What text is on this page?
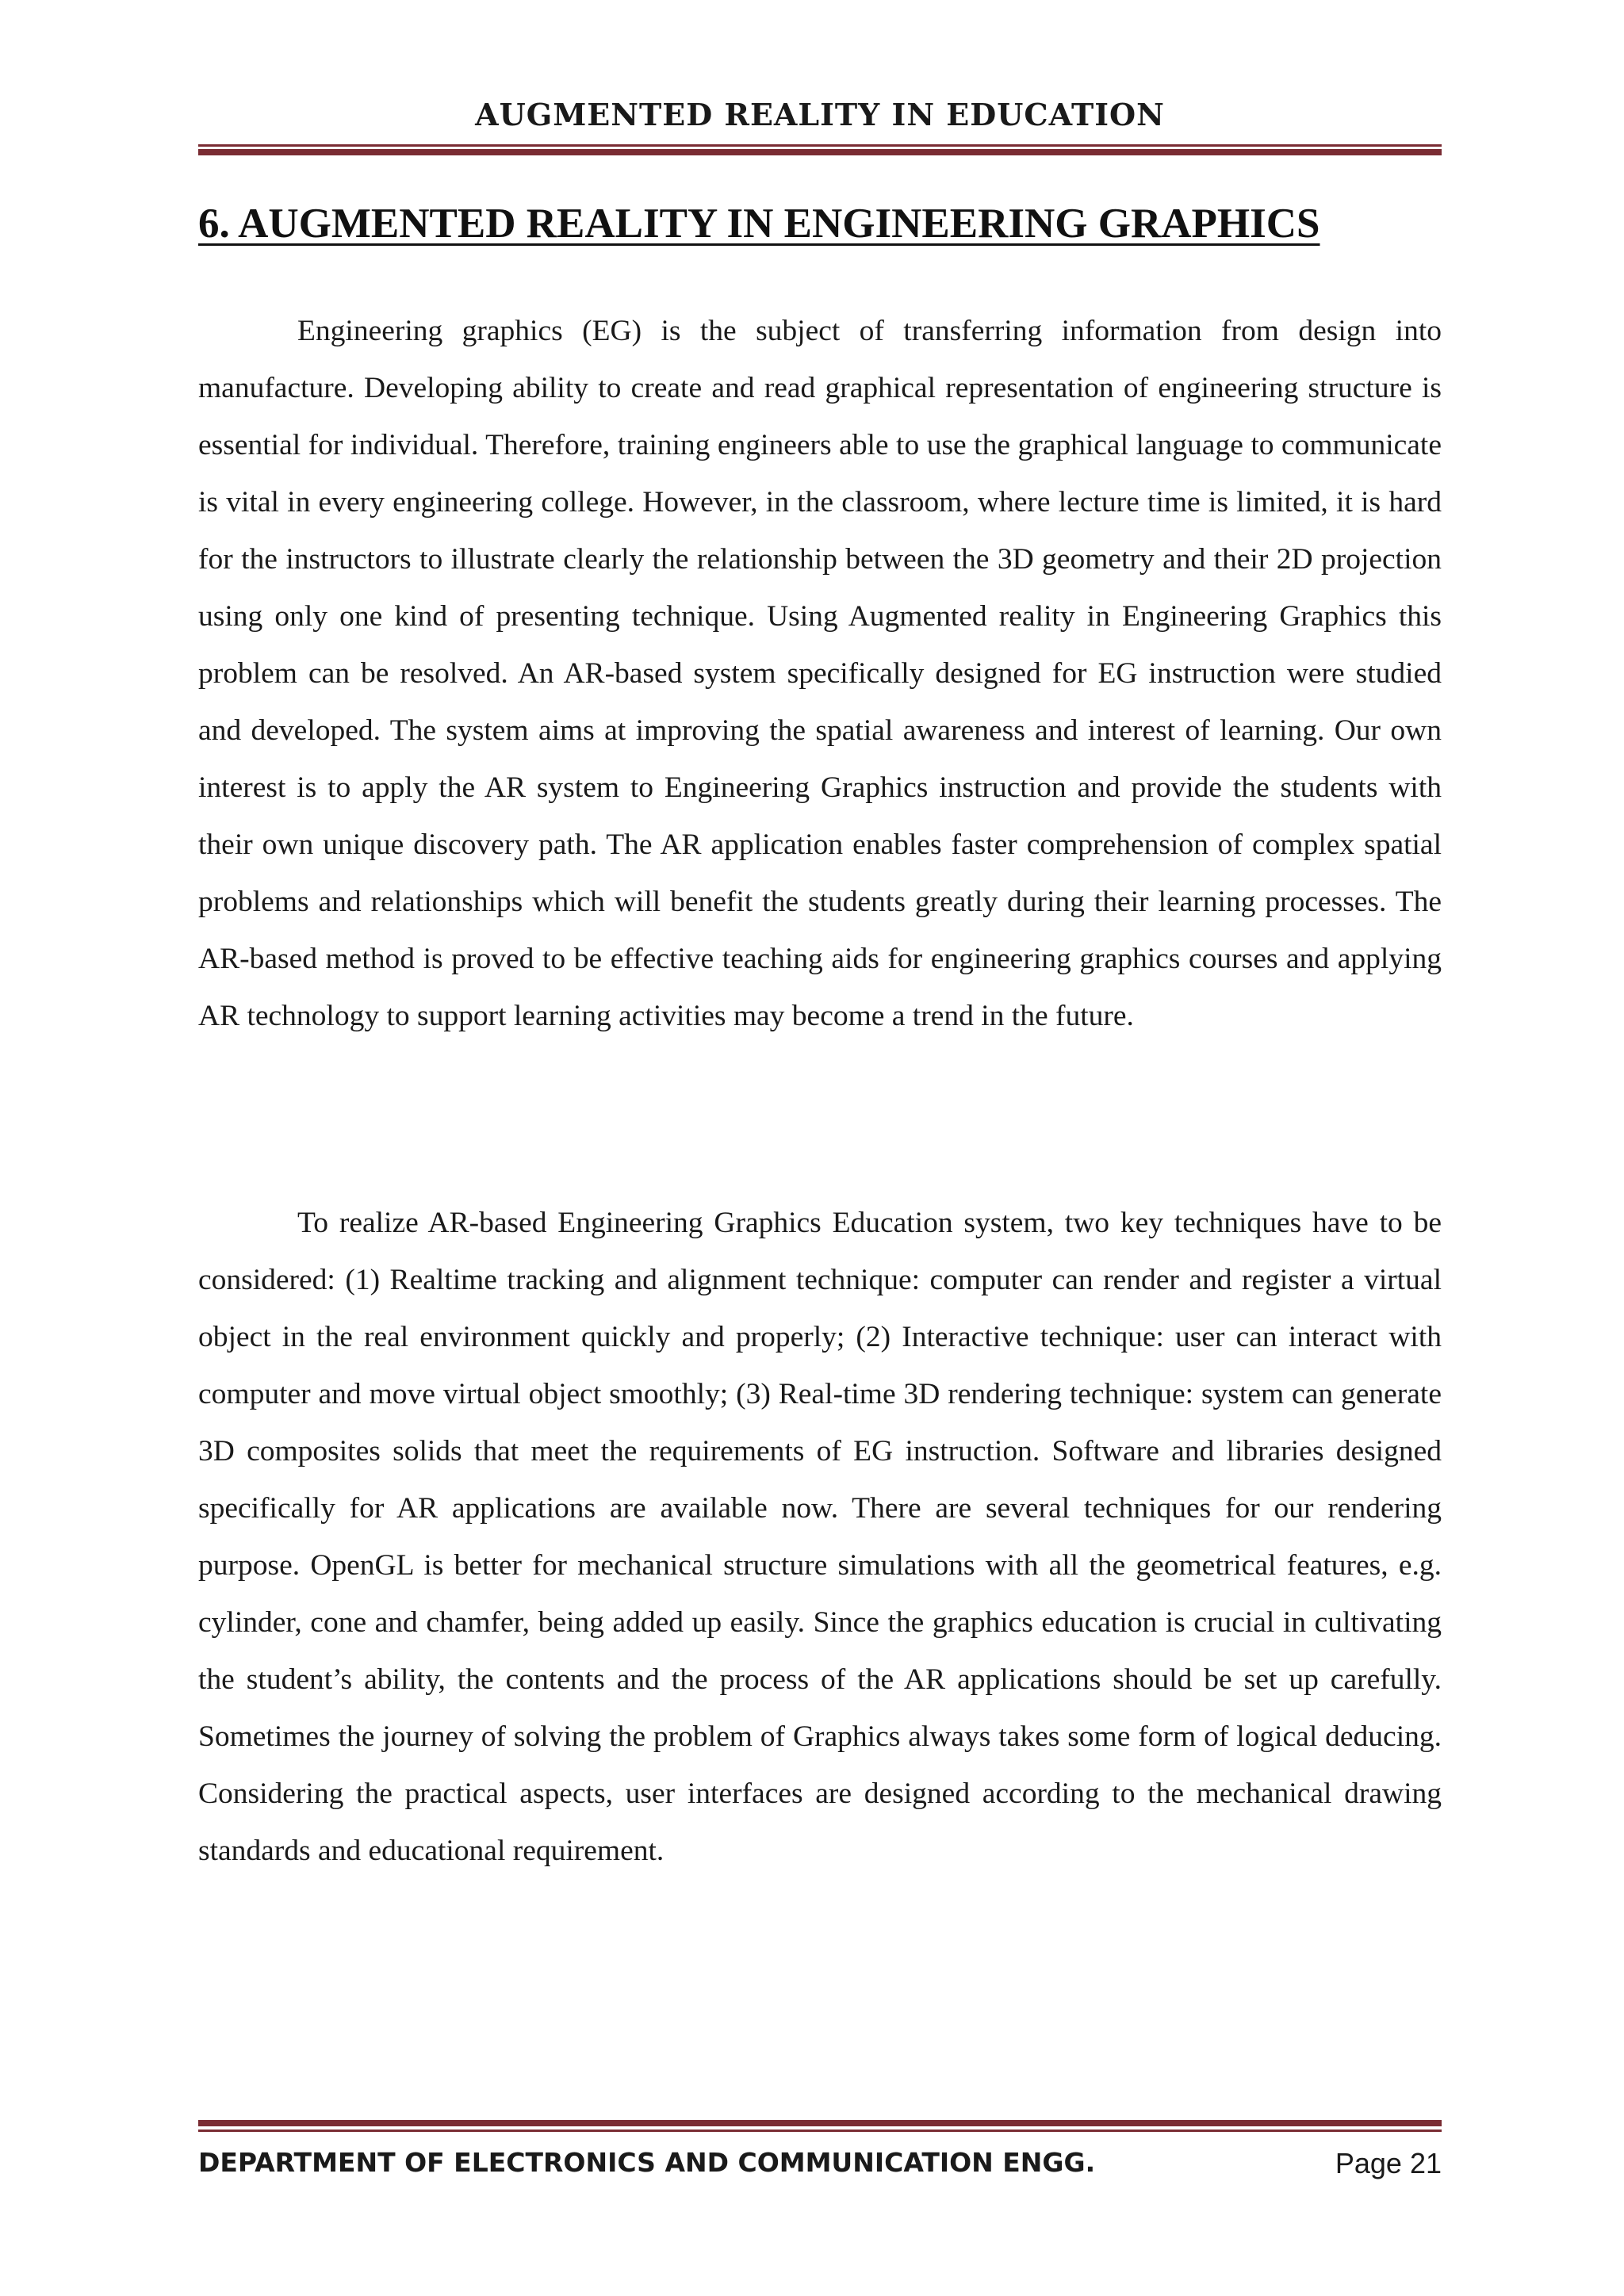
AUGMENTED REALITY IN EDUCATION
6. AUGMENTED REALITY IN ENGINEERING GRAPHICS

Engineering graphics (EG) is the subject of transferring information from design into manufacture. Developing ability to create and read graphical representation of engineering structure is essential for individual. Therefore, training engineers able to use the graphical language to communicate is vital in every engineering college. However, in the classroom, where lecture time is limited, it is hard for the instructors to illustrate clearly the relationship between the 3D geometry and their 2D projection using only one kind of presenting technique. Using Augmented reality in Engineering Graphics this problem can be resolved. An AR-based system specifically designed for EG instruction were studied and developed. The system aims at improving the spatial awareness and interest of learning. Our own interest is to apply the AR system to Engineering Graphics instruction and provide the students with their own unique discovery path. The AR application enables faster comprehension of complex spatial problems and relationships which will benefit the students greatly during their learning processes. The AR-based method is proved to be effective teaching aids for engineering graphics courses and applying AR technology to support learning activities may become a trend in the future.

To realize AR-based Engineering Graphics Education system, two key techniques have to be considered: (1) Realtime tracking and alignment technique: computer can render and register a virtual object in the real environment quickly and properly; (2) Interactive technique: user can interact with computer and move virtual object smoothly; (3) Real-time 3D rendering technique: system can generate 3D composites solids that meet the requirements of EG instruction. Software and libraries designed specifically for AR applications are available now. There are several techniques for our rendering purpose. OpenGL is better for mechanical structure simulations with all the geometrical features, e.g. cylinder, cone and chamfer, being added up easily. Since the graphics education is crucial in cultivating the student’s ability, the contents and the process of the AR applications should be set up carefully. Sometimes the journey of solving the problem of Graphics always takes some form of logical deducing. Considering the practical aspects, user interfaces are designed according to the mechanical drawing standards and educational requirement.

DEPARTMENT OF ELECTRONICS AND COMMUNICATION ENGG.	Page 21
